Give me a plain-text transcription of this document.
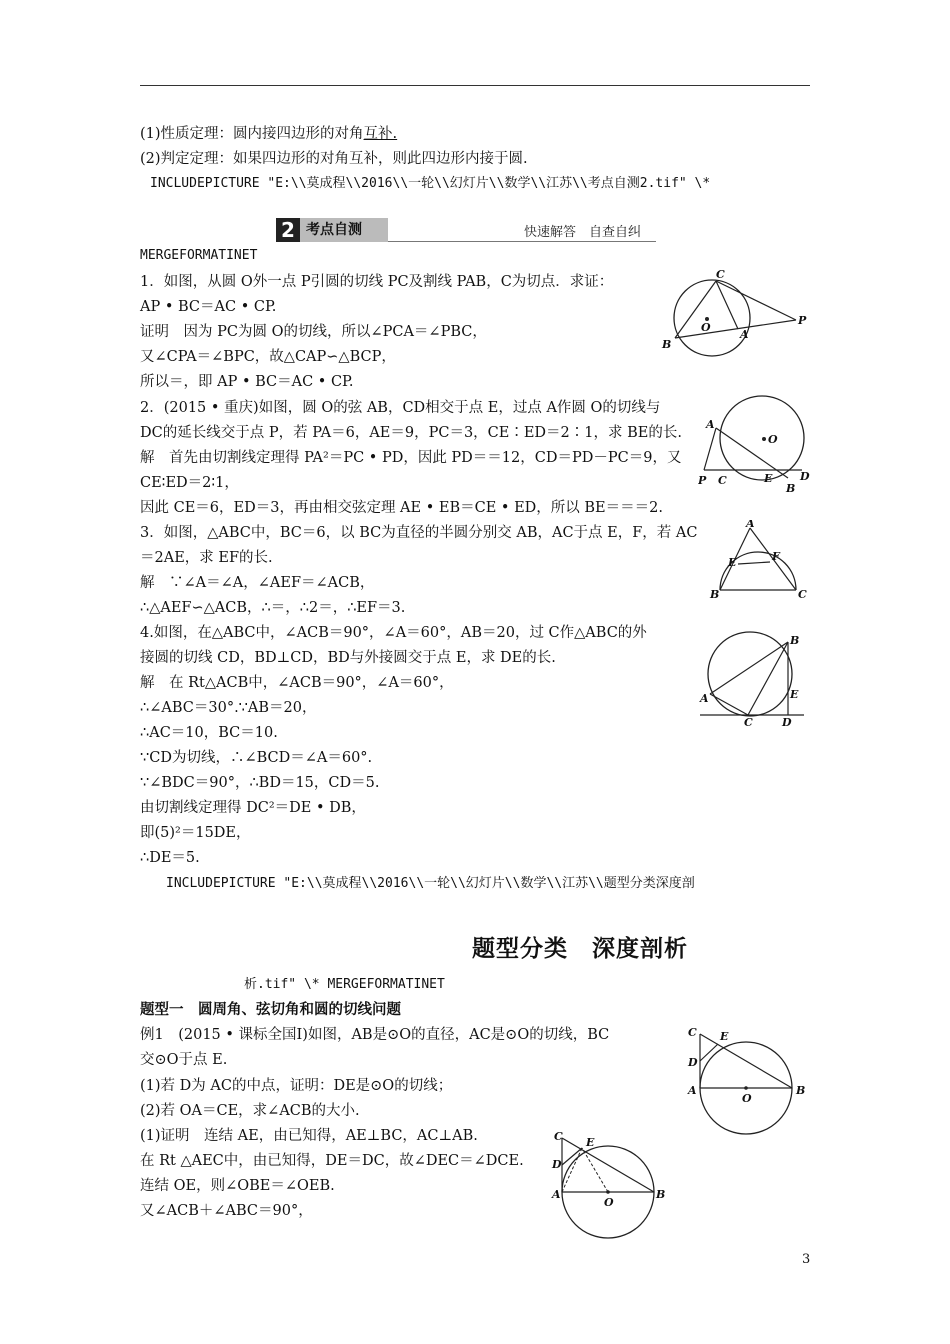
(1)性质定理：圆内接四边形的对角互补.
(2)判定定理：如果四边形的对角互补，则此四边形内接于圆.
INCLUDEPICTURE "E:\\莫成程\\2016\\一轮\\幻灯片\\数学\\江苏\\考点自测2.tif" \*
2 考点自测	快速解答　自查自纠
MERGEFORMATINET
1．如图，从圆 O外一点 P引圆的切线 PC及割线 PAB，C为切点．求证：
AP • BC＝AC • CP.
证明　因为 PC为圆 O的切线，所以∠PCA＝∠PBC，
又∠CPA＝∠BPC，故△CAP∽△BCP，
所以＝，即 AP • BC＝AC • CP.
2．(2015 • 重庆)如图，圆 O的弦 AB，CD相交于点 E，过点 A作圆 O的切线与
DC的延长线交于点 P，若 PA＝6，AE＝9，PC＝3，CE∶ED＝2∶1，求 BE的长.
解　首先由切割线定理得 PA²＝PC • PD，因此 PD＝＝12，CD＝PD－PC＝9，又
CE∶ED＝2∶1，
因此 CE＝6，ED＝3，再由相交弦定理 AE • EB＝CE • ED，所以 BE＝＝＝2.
3．如图，△ABC中，BC＝6，以 BC为直径的半圆分别交 AB，AC于点 E，F，若 AC
＝2AE，求 EF的长.
解　∵∠A＝∠A，∠AEF＝∠ACB，
∴△AEF∽△ACB，∴＝，∴2＝，∴EF＝3.
4.如图，在△ABC中，∠ACB＝90°，∠A＝60°，AB＝20，过 C作△ABC的外
接圆的切线 CD，BD⊥CD，BD与外接圆交于点 E，求 DE的长.
解　在 Rt△ACB中，∠ACB＝90°，∠A＝60°，
∴∠ABC＝30°.∵AB＝20，
∴AC＝10，BC＝10.
∵CD为切线，∴∠BCD＝∠A＝60°.
∵∠BDC＝90°，∴BD＝15，CD＝5.
由切割线定理得 DC²＝DE • DB，
即(5)²＝15DE，
∴DE＝5.
INCLUDEPICTURE "E:\\莫成程\\2016\\一轮\\幻灯片\\数学\\江苏\\题型分类深度剖
题型分类　深度剖析
析.tif" \* MERGEFORMATINET
题型一　圆周角、弦切角和圆的切线问题
例1　(2015 • 课标全国Ⅰ)如图，AB是⊙O的直径，AC是⊙O的切线，BC
交⊙O于点 E.
(1)若 D为 AC的中点，证明：DE是⊙O的切线；
(2)若 OA＝CE，求∠ACB的大小.
(1)证明　连结 AE，由已知得，AE⊥BC，AC⊥AB.
在 Rt △AEC中，由已知得，DE＝DC，故∠DEC＝∠DCE.
连结 OE，则∠OBE＝∠OEB.
又∠ACB＋∠ABC＝90°，
C
O
A
B
P
A
O
P C	E	D
B
A
E	F
B	C
B
A	E
C	D
C E
D
A
O
B
C E
D
A
O
B
3
